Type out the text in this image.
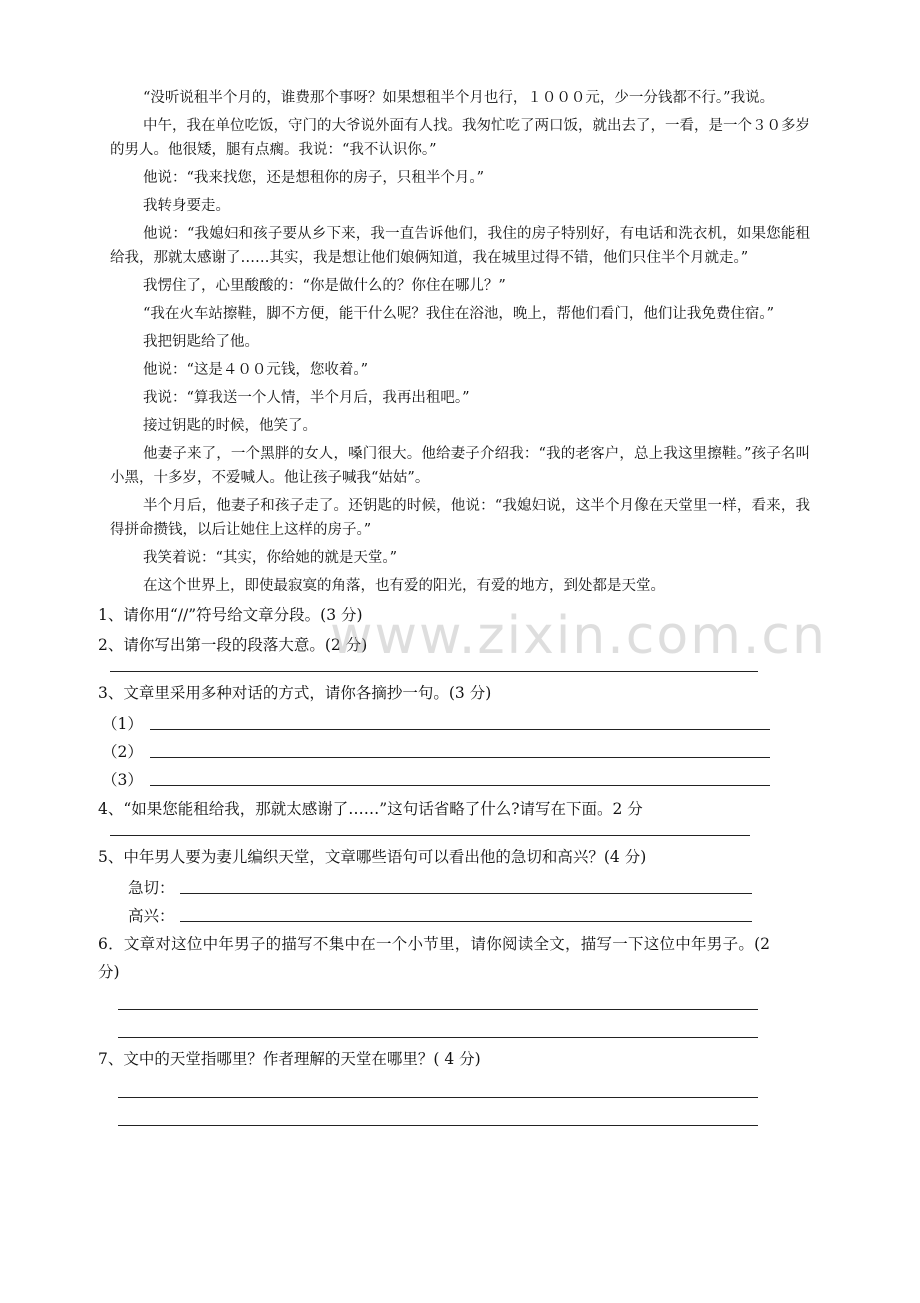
“没听说租半个月的，谁费那个事呀？如果想租半个月也行，１０００元，少一分钱都不行。”我说。

中午，我在单位吃饭，守门的大爷说外面有人找。我匆忙吃了两口饭，就出去了，一看，是一个３０多岁的男人。他很矮，腿有点瘸。我说：“我不认识你。”

他说：“我来找您，还是想租你的房子，只租半个月。”

我转身要走。

他说：“我媳妇和孩子要从乡下来，我一直告诉他们，我住的房子特别好，有电话和洗衣机，如果您能租给我，那就太感谢了……其实，我是想让他们娘俩知道，我在城里过得不错，他们只住半个月就走。”

我愣住了，心里酸酸的：“你是做什么的？你住在哪儿？”

“我在火车站擦鞋，脚不方便，能干什么呢？我住在浴池，晚上，帮他们看门，他们让我免费住宿。”

我把钥匙给了他。

他说：“这是４００元钱，您收着。”

我说：“算我送一个人情，半个月后，我再出租吧。”

接过钥匙的时候，他笑了。

他妻子来了，一个黑胖的女人，嗓门很大。他给妻子介绍我：“我的老客户，总上我这里擦鞋。”孩子名叫小黑，十多岁，不爱喊人。他让孩子喊我“姑姑”。

半个月后，他妻子和孩子走了。还钥匙的时候，他说：“我媳妇说，这半个月像在天堂里一样，看来，我得拼命攒钱，以后让她住上这样的房子。”

我笑着说：“其实，你给她的就是天堂。”

在这个世界上，即使最寂寞的角落，也有爱的阳光，有爱的地方，到处都是天堂。

1、请你用“//”符号给文章分段。(3 分)

2、请你写出第一段的段落大意。(2 分)

3、文章里采用多种对话的方式，请你各摘抄一句。(3 分)

（1）
（2）
（3）

4、“如果您能租给我，那就太感谢了……”这句话省略了什么?请写在下面。2 分

5、中年男人要为妻儿编织天堂，文章哪些语句可以看出他的急切和高兴？(4 分)

急切：
高兴：

6．文章对这位中年男子的描写不集中在一个小节里，请你阅读全文，描写一下这位中年男子。(2 分)

7、文中的天堂指哪里？作者理解的天堂在哪里？( 4 分)

www.zixin.com.cn
